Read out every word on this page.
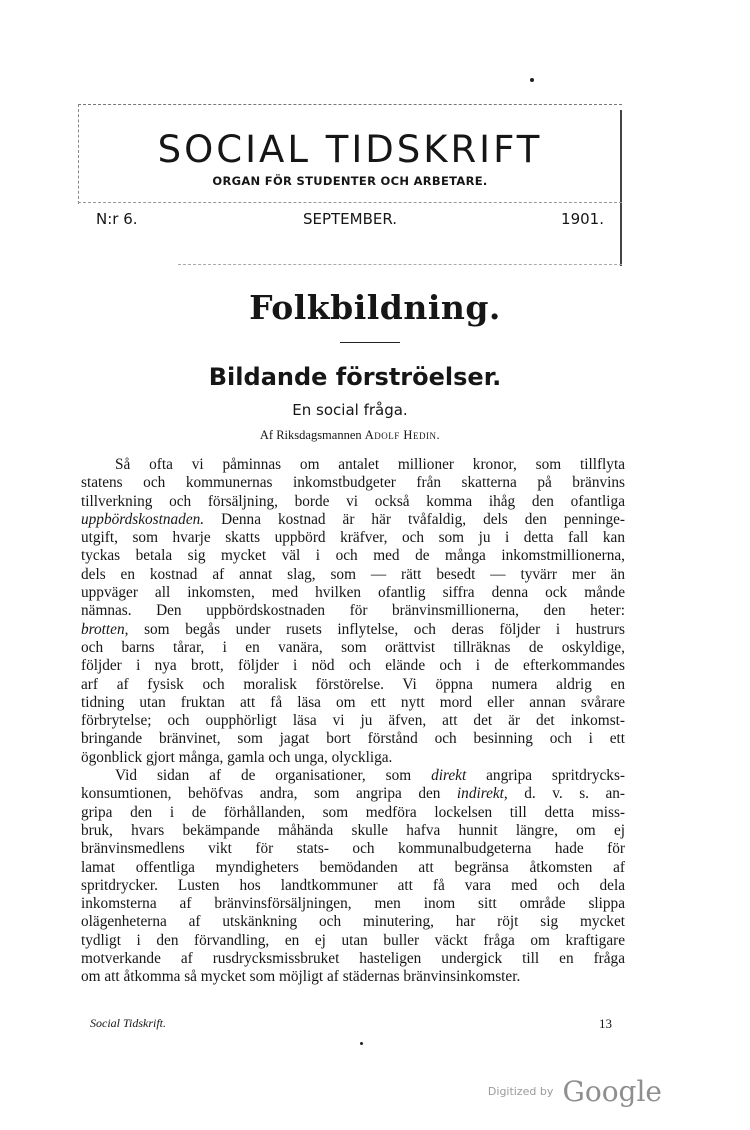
SOCIAL TIDSKRIFT
ORGAN FÖR STUDENTER OCH ARBETARE.
N:r 6.	SEPTEMBER.	1901.
Folkbildning.
Bildande förströelser.
En social fråga.
Af Riksdagsmannen Adolf Hedin.
Så ofta vi påminnas om antalet millioner kronor, som tillflyta
statens och kommunernas inkomstbudgeter från skatterna på bränvins
tillverkning och försäljning, borde vi också komma ihåg den ofantliga
uppbördskostnaden. Denna kostnad är här tvåfaldig, dels den penninge-
utgift, som hvarje skatts uppbörd kräfver, och som ju i detta fall kan
tyckas betala sig mycket väl i och med de många inkomstmillionerna,
dels en kostnad af annat slag, som — rätt besedt — tyvärr mer än
uppväger all inkomsten, med hvilken ofantlig siffra denna ock månde
nämnas. Den uppbördskostnaden för bränvinsmillionerna, den heter:
brotten, som begås under rusets inflytelse, och deras följder i hustrurs
och barns tårar, i en vanära, som orättvist tillräknas de oskyldige,
följder i nya brott, följder i nöd och elände och i de efterkommandes
arf af fysisk och moralisk förstörelse. Vi öppna numera aldrig en
tidning utan fruktan att få läsa om ett nytt mord eller annan svårare
förbrytelse; och oupphörligt läsa vi ju äfven, att det är det inkomst-
bringande bränvinet, som jagat bort förstånd och besinning och i ett
ögonblick gjort många, gamla och unga, olyckliga.
Vid sidan af de organisationer, som direkt angripa spritdrycks-
konsumtionen, behöfvas andra, som angripa den indirekt, d. v. s. an-
gripa den i de förhållanden, som medföra lockelsen till detta miss-
bruk, hvars bekämpande måhända skulle hafva hunnit längre, om ej
bränvinsmedlens vikt för stats- och kommunalbudgeterna hade för
lamat offentliga myndigheters bemödanden att begränsa åtkomsten af
spritdrycker. Lusten hos landtkommuner att få vara med och dela
inkomsterna af bränvinsförsäljningen, men inom sitt område slippa
olägenheterna af utskänkning och minutering, har röjt sig mycket
tydligt i den förvandling, en ej utan buller väckt fråga om kraftigare
motverkande af rusdrycksmissbruket hasteligen undergick till en fråga
om att åtkomma så mycket som möjligt af städernas bränvinsinkomster.
Social Tidskrift.	13
Digitized by Google
